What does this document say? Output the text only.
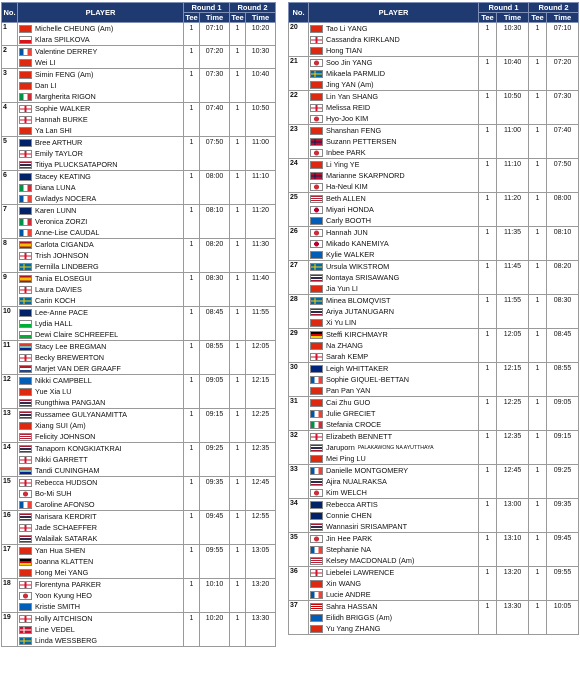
No.	PLAYER	Round 1		Round 2	
		Tee	Time	Tee	Time
1	Michelle CHEUNG (Am)
Klara SPILKOVA	1	07:10	1	10:20
2	Valentine DERREY
Wei LI	1	07:20	1	10:30
3	Simin FENG (Am)
Dan LI
Margherita RIGON	1	07:30	1	10:40
4	Sophie WALKER
Hannah BURKE
Ya Lan SHI	1	07:40	1	10:50
5	Bree ARTHUR
Emily TAYLOR
Titiya PLUCKSATAPORN	1	07:50	1	11:00
6	Stacey KEATING
Diana LUNA
Gwladys NOCERA	1	08:00	1	11:10
7	Karen LUNN
Veronica ZORZI
Anne-Lise CAUDAL	1	08:10	1	11:20
8	Carlota CIGANDA
Trish JOHNSON
Pernilla LINDBERG	1	08:20	1	11:30
9	Tania ELOSEGUI
Laura DAVIES
Carin KOCH	1	08:30	1	11:40
10	Lee-Anne PACE
Lydia HALL
Dewi Claire SCHREEFEL	1	08:45	1	11:55
11	Stacy Lee BREGMAN
Becky BREWERTON
Marjet VAN DER GRAAFF	1	08:55	1	12:05
12	Nikki CAMPBELL
Yue Xia LU
Rungthiwa PANGJAN	1	09:05	1	12:15
13	Russamee GULYANAMITTA
Xiang SUI (Am)
Felicity JOHNSON	1	09:15	1	12:25
14	Tanaporn KONGKIATKRAI
Nikki GARRETT
Tandi CUNINGHAM	1	09:25	1	12:35
15	Rebecca HUDSON
Bo-Mi SUH
Caroline AFONSO	1	09:35	1	12:45
16	Narisara KERDRIT
Jade SCHAEFFER
Walailak SATARAK	1	09:45	1	12:55
17	Yan Hua SHEN
Joanna KLATTEN
Hong Mei YANG	1	09:55	1	13:05
18	Florentyna PARKER
Yoon Kyung HEO
Kristie SMITH	1	10:10	1	13:20
19	Holly AITCHISON
Line VEDEL
Linda WESSBERG	1	10:20	1	13:30
No.	PLAYER	Round 1		Round 2	
		Tee	Time	Tee	Time
20	Tao Li YANG
Cassandra KIRKLAND
Hong TIAN	1	10:30	1	07:10
21	Soo Jin YANG
Mikaela PARMLID
Jing YAN (Am)	1	10:40	1	07:20
22	Lin Yan SHANG
Melissa REID
Hyo-Joo KIM	1	10:50	1	07:30
23	Shanshan FENG
Suzann PETTERSEN
Inbee PARK	1	11:00	1	07:40
24	Li Ying YE
Marianne SKARPNORD
Ha-Neul KIM	1	11:10	1	07:50
25	Beth ALLEN
Miyari HONDA
Carly BOOTH	1	11:20	1	08:00
26	Hannah JUN
Mikado KANEMIYA
Kylie WALKER	1	11:35	1	08:10
27	Ursula WIKSTROM
Nontaya SRISAWANG
Jia Yun LI	1	11:45	1	08:20
28	Minea BLOMQVIST
Ariya JUTANUGARN
Xi Yu LIN	1	11:55	1	08:30
29	Steffi KIRCHMAYR
Na ZHANG
Sarah KEMP	1	12:05	1	08:45
30	Leigh WHITTAKER
Sophie GIQUEL-BETTAN
Pan Pan YAN	1	12:15	1	08:55
31	Cai Zhu GUO
Julie GRECIET
Stefania CROCE	1	12:25	1	09:05
32	Elizabeth BENNETT
Jaruporn PALAKAWONG NA AYUTTHAYA
Mei Ping LU	1	12:35	1	09:15
33	Danielle MONTGOMERY
Ajira NUALRAKSA
Kim WELCH	1	12:45	1	09:25
34	Rebecca ARTIS
Connie CHEN
Wannasiri SRISAMPANT	1	13:00	1	09:35
35	Jin Hee PARK
Stephanie NA
Kelsey MACDONALD (Am)	1	13:10	1	09:45
36	Liebelei LAWRENCE
Xin WANG
Lucie ANDRE	1	13:20	1	09:55
37	Sahra HASSAN
Eilidh BRIGGS (Am)
Yu Yang ZHANG	1	13:30	1	10:05
